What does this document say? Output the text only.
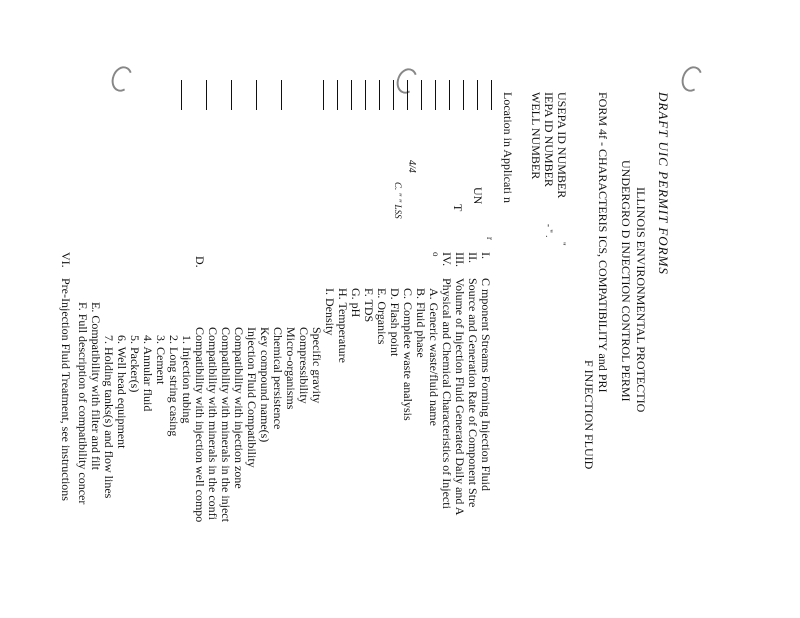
DRAFT UIC PERMIT FORMS
ILLINOIS ENVIRONMENTAL PROTECTIO
UNDERGRO D INJECTION CONTROL PERMI
FORM 4f - CHARACTERIS ICS, COMPATIBILITY and PRI
F INJECTION FLUID
USEPA ID NUMBER
"
IEPA ID NUMBER
- " .
WELL NUMBER
Location in Applicati n
UN
T
o
4/4
C. " " LSS
r
I.
C mponent Streams Forming Injection Fluid
II.
Source and Generation Rate of Component Stre
III.
Volume of Injection Fluid Generated Daily and A
IV.
Physical and Chemical Characteristics of Injecti
A. Generic waste/fluid name
B. Fluid phase
C. Complete waste analysis
D. Flash point
E. Organics
F. TDS
G. pH
H. Temperature
I. Density
Specific gravity
Compressibility
Micro-organisms
Chemical persistence
Key compound name(s)
Injection Fluid Compatibility
Compatibility with injection zone
Compatibility with minerals in the inject
Compatibility with minerals in the confi
Compatibility with injection well compo
D.
1. Injection tubing
2. Long string casing
3. Cement
4. Annular fluid
5. Packer(s)
6. Well head equipment
7. Holding tanks(s) and flow lines
E. Compatibility with filter and filt
F. Full description of compatibility concer
VI.
Pre-Injection Fluid Treatment, see instructions
